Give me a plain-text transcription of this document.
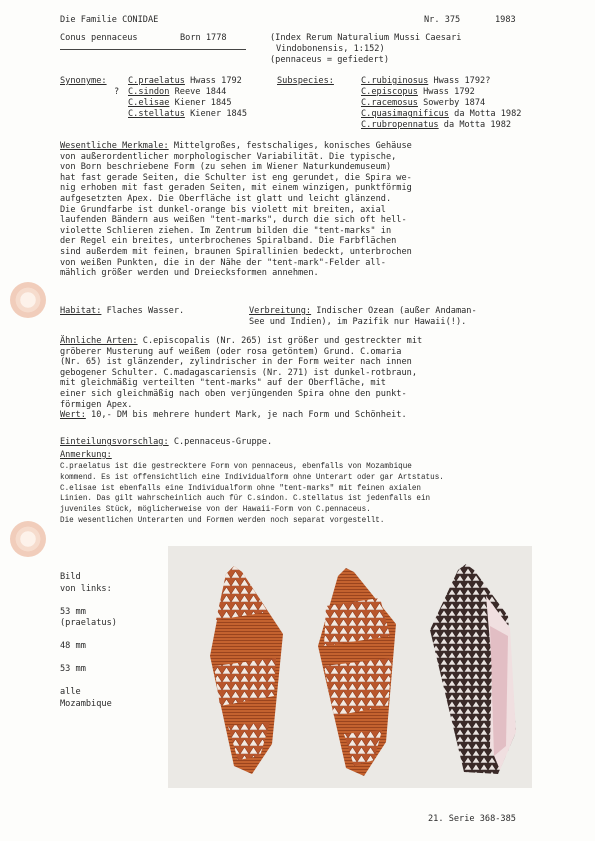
Die Familie CONIDAE	Nr. 375	1983
Conus pennaceus	Born 1778	(Index Rerum Naturalium Mussi Caesari
Vindobonensis, 1:152)
(pennaceus = gefiedert)
Synonyme: C.praelatus Hwass 1792
? C.sindon Reeve 1844
C.elisae Kiener 1845
C.stellatus Kiener 1845
Subspecies:	C.rubiginosus Hwass 1792?
C.episcopus Hwass 1792
C.racemosus Sowerby 1874
C.quasimagnificus da Motta 1982
C.rubropennatus da Motta 1982
Wesentliche Merkmale: Mittelgroßes, festschaliges, konisches Gehäuse
von außerordentlicher morphologischer Variabilität. Die typische,
von Born beschriebene Form (zu sehen im Wiener Naturkundemuseum)
hat fast gerade Seiten, die Schulter ist eng gerundet, die Spira we-
nig erhoben mit fast geraden Seiten, mit einem winzigen, punktförmig
aufgesetzten Apex. Die Oberfläche ist glatt und leicht glänzend.
Die Grundfarbe ist dunkel-orange bis violett mit breiten, axial
laufenden Bändern aus weißen "tent-marks", durch die sich oft hell-
violette Schlieren ziehen. Im Zentrum bilden die "tent-marks" in
der Regel ein breites, unterbrochenes Spiralband. Die Farbflächen
sind außerdem mit feinen, braunen Spirallinien bedeckt, unterbrochen
von weißen Punkten, die in der Nähe der "tent-mark"-Felder all-
mählich größer werden und Dreiecksformen annehmen.
Habitat: Flaches Wasser.	Verbreitung: Indischer Ozean (außer Andaman-
See und Indien), im Pazifik nur Hawaii(!).
Ähnliche Arten: C.episcopalis (Nr. 265) ist größer und gestreckter mit
gröberer Musterung auf weißem (oder rosa getöntem) Grund. C.omaria
(Nr. 65) ist glänzender, zylindrischer in der Form weiter nach innen
gebogener Schulter. C.madagascariensis (Nr. 271) ist dunkel-rotbraun,
mit gleichmäßig verteilten "tent-marks" auf der Oberfläche, mit
einer sich gleichmäßig nach oben verjüngenden Spira ohne den punkt-
förmigen Apex.
Wert: 10,- DM bis mehrere hundert Mark, je nach Form und Schönheit.
Einteilungsvorschlag: C.pennaceus-Gruppe.
Anmerkung:
C.praelatus ist die gestrecktere Form von pennaceus, ebenfalls von Mozambique
kommend. Es ist offensichtlich eine Individualform ohne Unterart oder gar Artstatus.
C.elisae ist ebenfalls eine Individualform ohne "tent-marks" mit feinen axialen
Linien. Das gilt wahrscheinlich auch für C.sindon. C.stellatus ist jedenfalls ein
juveniles Stück, möglicherweise von der Hawaii-Form von C.pennaceus.
Die wesentlichen Unterarten und Formen werden noch separat vorgestellt.
Bild
von links:

53 mm
(praelatus)

48 mm

53 mm

alle
Mozambique
21. Serie 368-385
